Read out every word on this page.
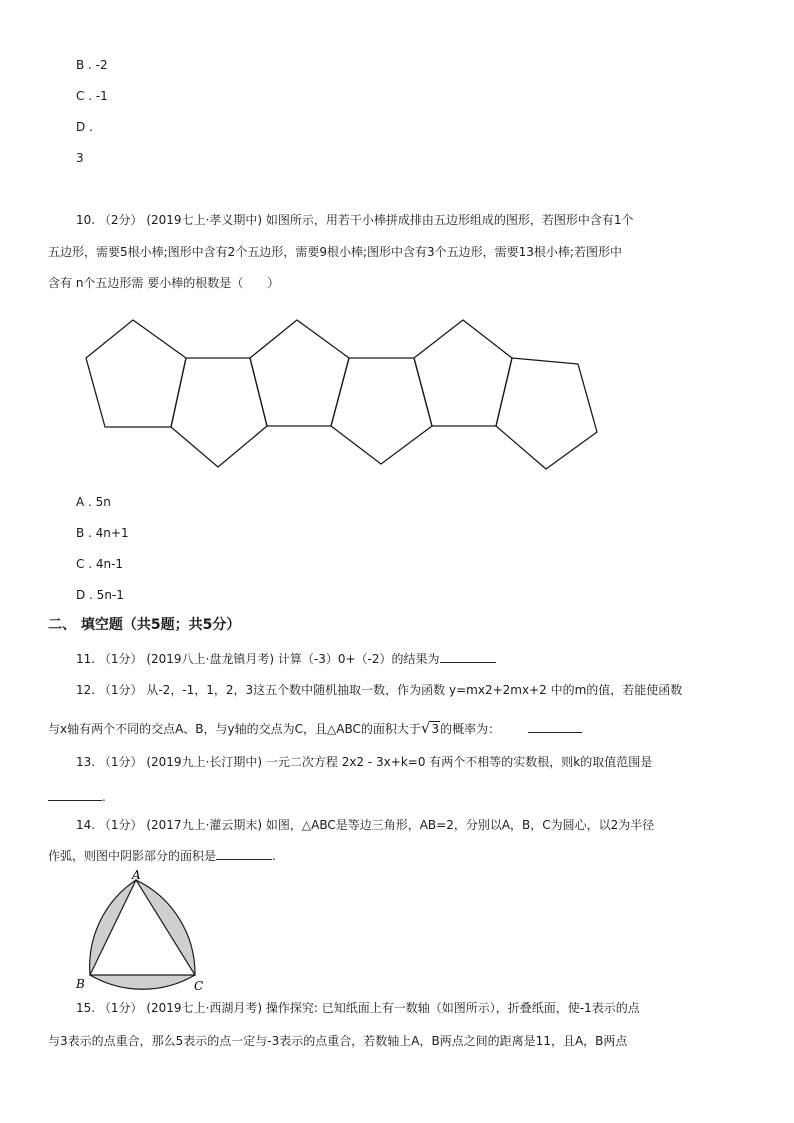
B . -2
C . -1
D .
3
10. （2分） (2019七上·孝义期中) 如图所示，用若干小棒拼成排由五边形组成的图形，若图形中含有1个
五边形，需要5根小棒;图形中含有2个五边形，需要9根小棒;图形中含有3个五边形，需要13根小棒;若图形中
含有 n个五边形需 要小棒的根数是（　　）
A . 5n
B . 4n+1
C . 4n-1
D . 5n-1
二、 填空题（共5题；共5分）
11. （1分） (2019八上·盘龙镇月考) 计算（-3）0+（-2）的结果为
12. （1分） 从-2，-1，1，2，3这五个数中随机抽取一数，作为函数 y=mx2+2mx+2 中的m的值，若能使函数
与x轴有两个不同的交点A、B，与y轴的交点为C，且△ABC的面积大于√3的概率为：
13. （1分） (2019九上·长汀期中) 一元二次方程 2x2 - 3x+k=0 有两个不相等的实数根，则k的取值范围是
.
14. （1分） (2017九上·灌云期末) 如图，△ABC是等边三角形，AB=2，分别以A，B，C为圆心，以2为半径
作弧，则图中阴影部分的面积是	.
A
B	C
15. （1分） (2019七上·西湖月考) 操作探究: 已知纸面上有一数轴（如图所示），折叠纸面，使-1表示的点
与3表示的点重合，那么5表示的点一定与-3表示的点重合，若数轴上A，B两点之间的距离是11，且A，B两点
